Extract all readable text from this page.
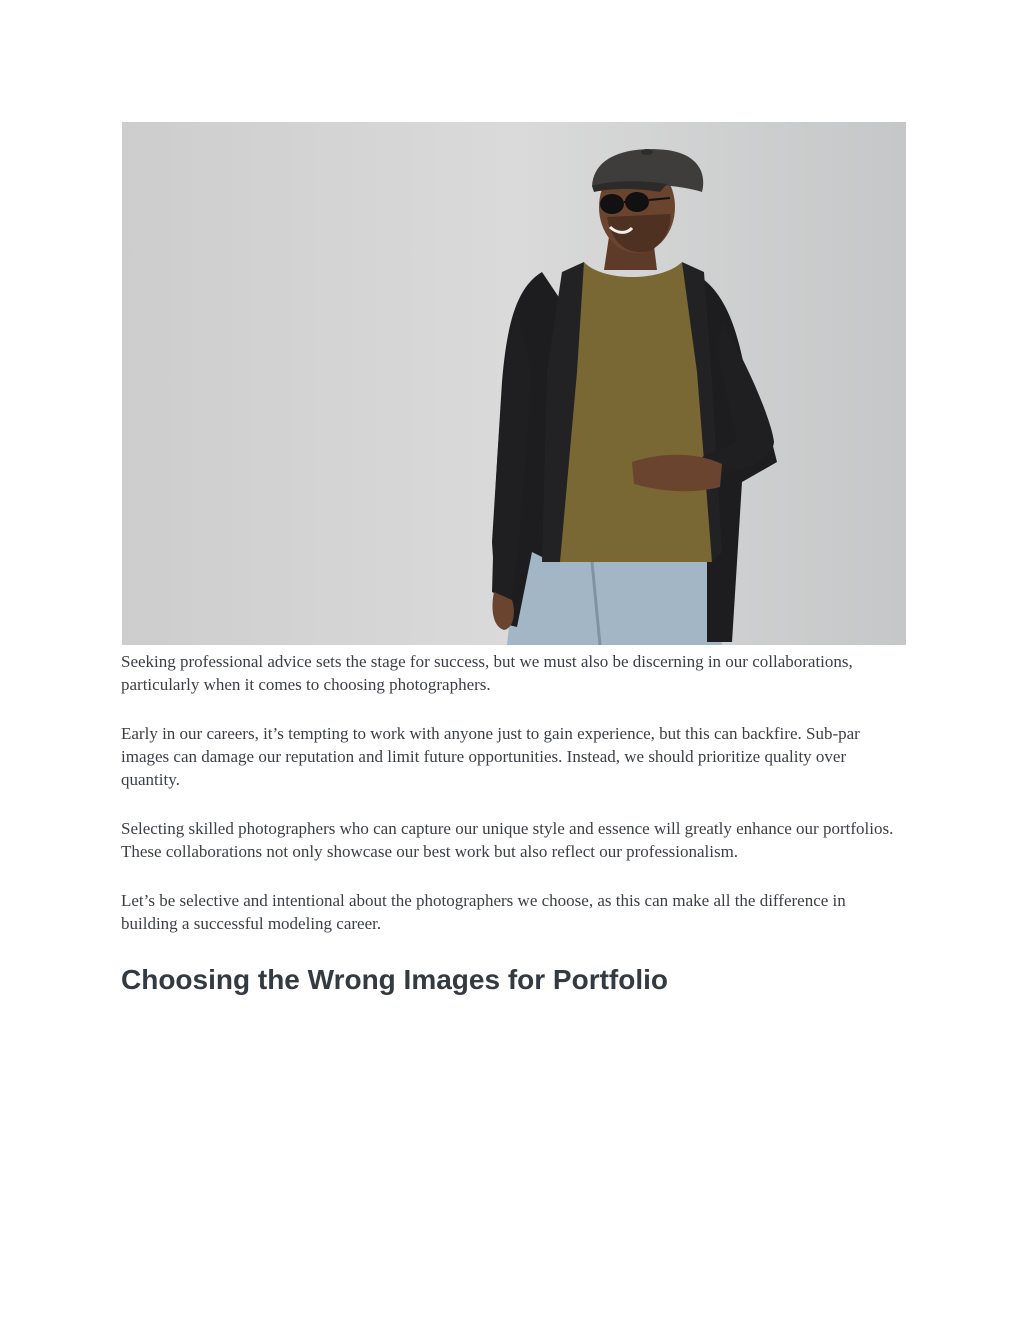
Seeking professional advice sets the stage for success, but we must also be discerning in our collaborations, particularly when it comes to choosing photographers.

Early in our careers, it’s tempting to work with anyone just to gain experience, but this can backfire. Sub-par images can damage our reputation and limit future opportunities. Instead, we should prioritize quality over quantity.

Selecting skilled photographers who can capture our unique style and essence will greatly enhance our portfolios. These collaborations not only showcase our best work but also reflect our professionalism.

Let’s be selective and intentional about the photographers we choose, as this can make all the difference in building a successful modeling career.

Choosing the Wrong Images for Portfolio
